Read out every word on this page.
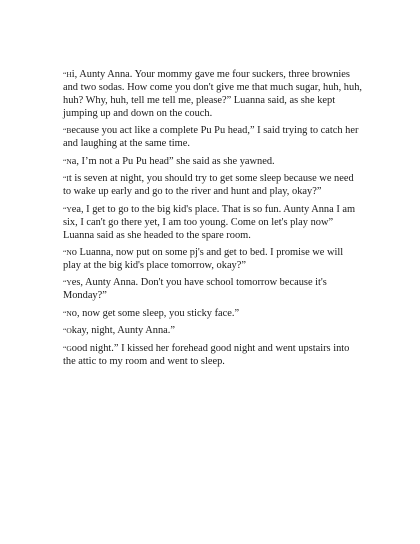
“Hi, Aunty Anna. Your mommy gave me four suckers, three brownies and two sodas. How come you don't give me that much sugar, huh, huh, huh? Why, huh, tell me tell me, please?” Luanna said, as she kept jumping up and down on the couch.

“Because you act like a complete Pu Pu head,” I said trying to catch her and laughing at the same time.

“Na, I’m not a Pu Pu head” she said as she yawned.

“It is seven at night, you should try to get some sleep because we need to wake up early and go to the river and hunt and play, okay?”

“Yea, I get to go to the big kid's place. That is so fun. Aunty Anna I am six, I can't go there yet, I am too young. Come on let's play now” Luanna said as she headed to the spare room.

“No Luanna, now put on some pj's and get to bed. I promise we will play at the big kid's place tomorrow, okay?”

“Yes, Aunty Anna. Don't you have school tomorrow because it's Monday?”

“No, now get some sleep, you sticky face.”

“Okay, night, Aunty Anna.”

“Good night.” I kissed her forehead good night and went upstairs into the attic to my room and went to sleep.
